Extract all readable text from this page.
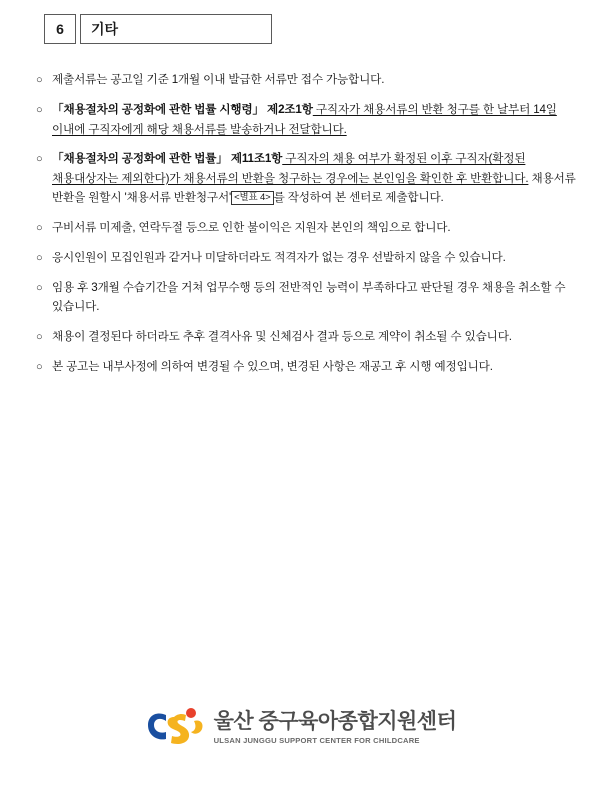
6	기타
○ 제출서류는 공고일 기준 1개월 이내 발급한 서류만 접수 가능합니다.
○ 「채용절차의 공정화에 관한 법률 시행령」 제2조1항 구직자가 채용서류의 반환 청구를 한 날부터 14일 이내에 구직자에게 해당 채용서류를 발송하거나 전달합니다.
○ 「채용절차의 공정화에 관한 법률」 제11조1항 구직자의 채용 여부가 확정된 이후 구직자(확정된 채용대상자는 제외한다)가 채용서류의 반환을 청구하는 경우에는 본인임을 확인한 후 반환합니다. 채용서류 반환을 원할시 '채용서류 반환청구서' <별표 4> 를 작성하여 본 센터로 제출합니다.
○ 구비서류 미제출, 연락두절 등으로 인한 불이익은 지원자 본인의 책임으로 합니다.
○ 응시인원이 모집인원과 같거나 미달하더라도 적격자가 없는 경우 선발하지 않을 수 있습니다.
○ 임용 후 3개월 수습기간을 거쳐 업무수행 등의 전반적인 능력이 부족하다고 판단될 경우 채용을 취소할 수 있습니다.
○ 채용이 결정된다 하더라도 추후 결격사유 및 신체검사 결과 등으로 계약이 취소될 수 있습니다.
○ 본 공고는 내부사정에 의하여 변경될 수 있으며, 변경된 사항은 재공고 후 시행 예정입니다.
울산 중구육아종합지원센터
ULSAN JUNGGU SUPPORT CENTER FOR CHILDCARE
